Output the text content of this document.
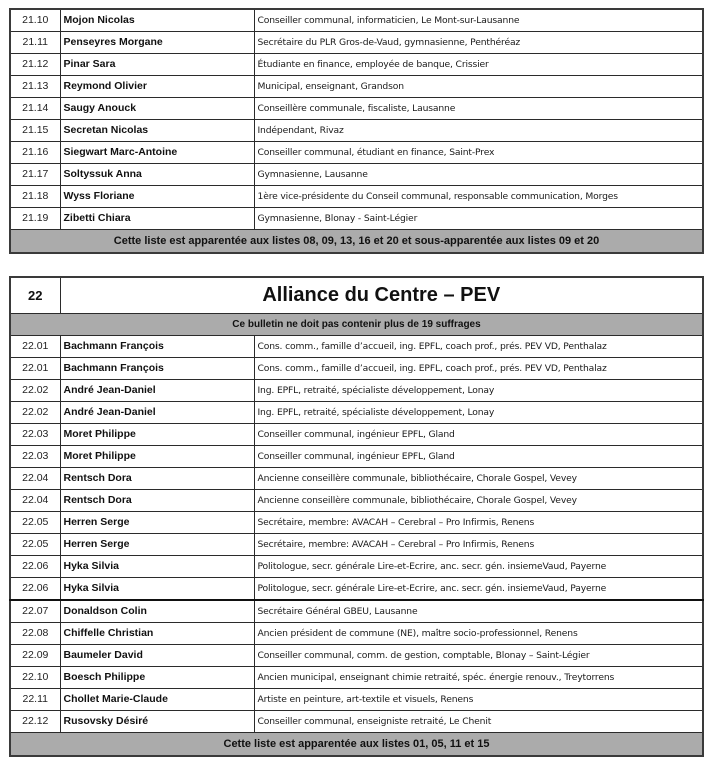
21.10	Mojon Nicolas	Conseiller communal, informaticien, Le Mont-sur-Lausanne
21.11	Penseyres Morgane	Secrétaire du PLR Gros-de-Vaud, gymnasienne, Penthéréaz
21.12	Pinar Sara	Étudiante en finance, employée de banque, Crissier
21.13	Reymond Olivier	Municipal, enseignant, Grandson
21.14	Saugy Anouck	Conseillère communale, fiscaliste, Lausanne
21.15	Secretan Nicolas	Indépendant, Rivaz
21.16	Siegwart Marc-Antoine	Conseiller communal, étudiant en finance, Saint-Prex
21.17	Soltyssuk Anna	Gymnasienne, Lausanne
21.18	Wyss Floriane	1ère vice-présidente du Conseil communal, responsable communication, Morges
21.19	Zibetti Chiara	Gymnasienne, Blonay - Saint-Légier
Cette liste est apparentée aux listes 08, 09, 13, 16 et 20 et sous-apparentée aux listes 09 et 20		
22	Alliance du Centre – PEV	
Ce bulletin ne doit pas contenir plus de 19 suffrages		
22.01	Bachmann François	Cons. comm., famille d’accueil, ing. EPFL, coach prof., prés. PEV VD, Penthalaz
22.01	Bachmann François	Cons. comm., famille d’accueil, ing. EPFL, coach prof., prés. PEV VD, Penthalaz
22.02	André Jean-Daniel	Ing. EPFL, retraité, spécialiste développement, Lonay
22.02	André Jean-Daniel	Ing. EPFL, retraité, spécialiste développement, Lonay
22.03	Moret Philippe	Conseiller communal, ingénieur EPFL, Gland
22.03	Moret Philippe	Conseiller communal, ingénieur EPFL, Gland
22.04	Rentsch Dora	Ancienne conseillère communale, bibliothécaire, Chorale Gospel, Vevey
22.04	Rentsch Dora	Ancienne conseillère communale, bibliothécaire, Chorale Gospel, Vevey
22.05	Herren Serge	Secrétaire, membre: AVACAH – Cerebral – Pro Infirmis, Renens
22.05	Herren Serge	Secrétaire, membre: AVACAH – Cerebral – Pro Infirmis, Renens
22.06	Hyka Silvia	Politologue, secr. générale Lire-et-Ecrire, anc. secr. gén. insiemeVaud, Payerne
22.06	Hyka Silvia	Politologue, secr. générale Lire-et-Ecrire, anc. secr. gén. insiemeVaud, Payerne
22.07	Donaldson Colin	Secrétaire Général GBEU, Lausanne
22.08	Chiffelle Christian	Ancien président de commune (NE), maître socio-professionnel, Renens
22.09	Baumeler David	Conseiller communal, comm. de gestion, comptable, Blonay – Saint-Légier
22.10	Boesch Philippe	Ancien municipal, enseignant chimie retraité, spéc. énergie renouv., Treytorrens
22.11	Chollet Marie-Claude	Artiste en peinture, art-textile et visuels, Renens
22.12	Rusovsky Désiré	Conseiller communal, enseigniste retraité, Le Chenit
Cette liste est apparentée aux listes 01, 05, 11 et 15		
